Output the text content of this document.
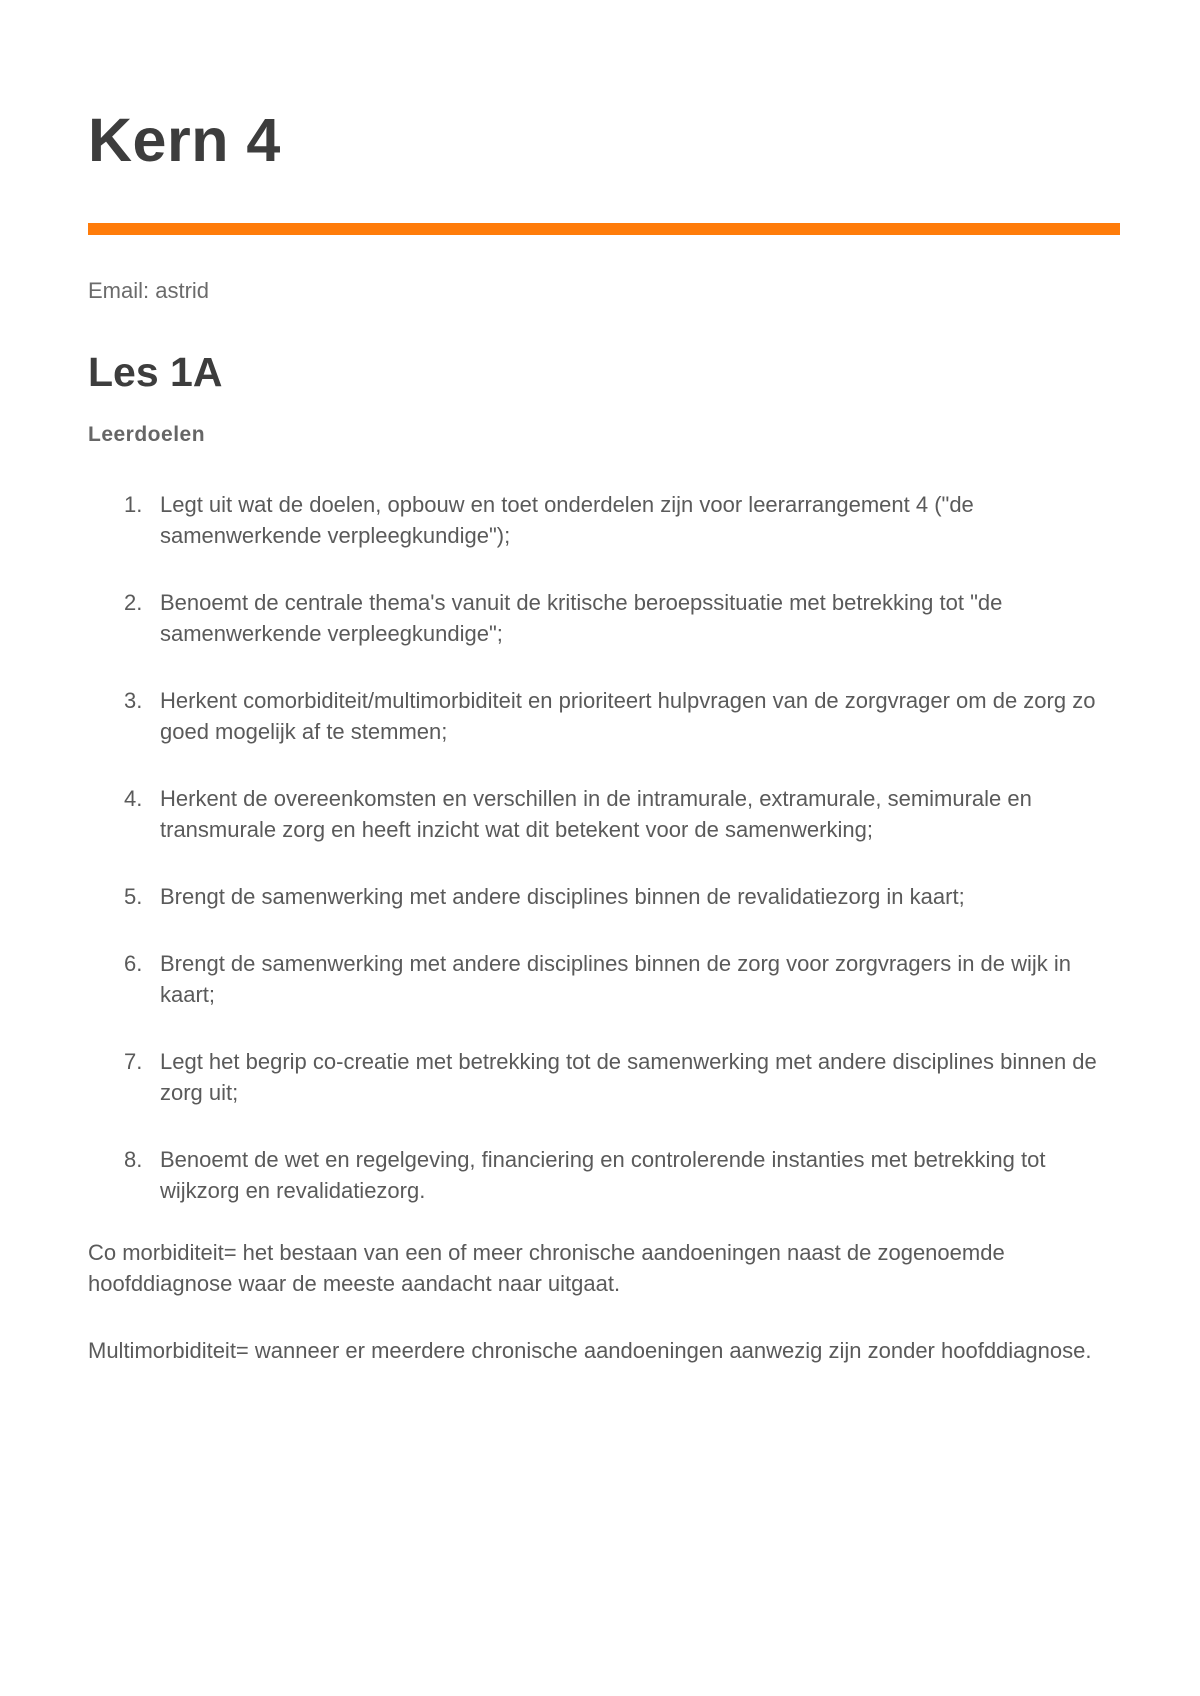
Kern 4

Email: astrid

Les 1A
Leerdoelen
1. Legt uit wat de doelen, opbouw en toet onderdelen zijn voor leerarrangement 4 ("de samenwerkende verpleegkundige");
2. Benoemt de centrale thema's vanuit de kritische beroepssituatie met betrekking tot "de samenwerkende verpleegkundige";
3. Herkent comorbiditeit/multimorbiditeit en prioriteert hulpvragen van de zorgvrager om de zorg zo goed mogelijk af te stemmen;
4. Herkent de overeenkomsten en verschillen in de intramurale, extramurale, semimurale en transmurale zorg en heeft inzicht wat dit betekent voor de samenwerking;
5. Brengt de samenwerking met andere disciplines binnen de revalidatiezorg in kaart;
6. Brengt de samenwerking met andere disciplines binnen de zorg voor zorgvragers in de wijk in kaart;
7. Legt het begrip co-creatie met betrekking tot de samenwerking met andere disciplines binnen de zorg uit;
8. Benoemt de wet en regelgeving, financiering en controlerende instanties met betrekking tot wijkzorg en revalidatiezorg.

Co morbiditeit= het bestaan van een of meer chronische aandoeningen naast de zogenoemde hoofddiagnose waar de meeste aandacht naar uitgaat.

Multimorbiditeit= wanneer er meerdere chronische aandoeningen aanwezig zijn zonder hoofddiagnose.
